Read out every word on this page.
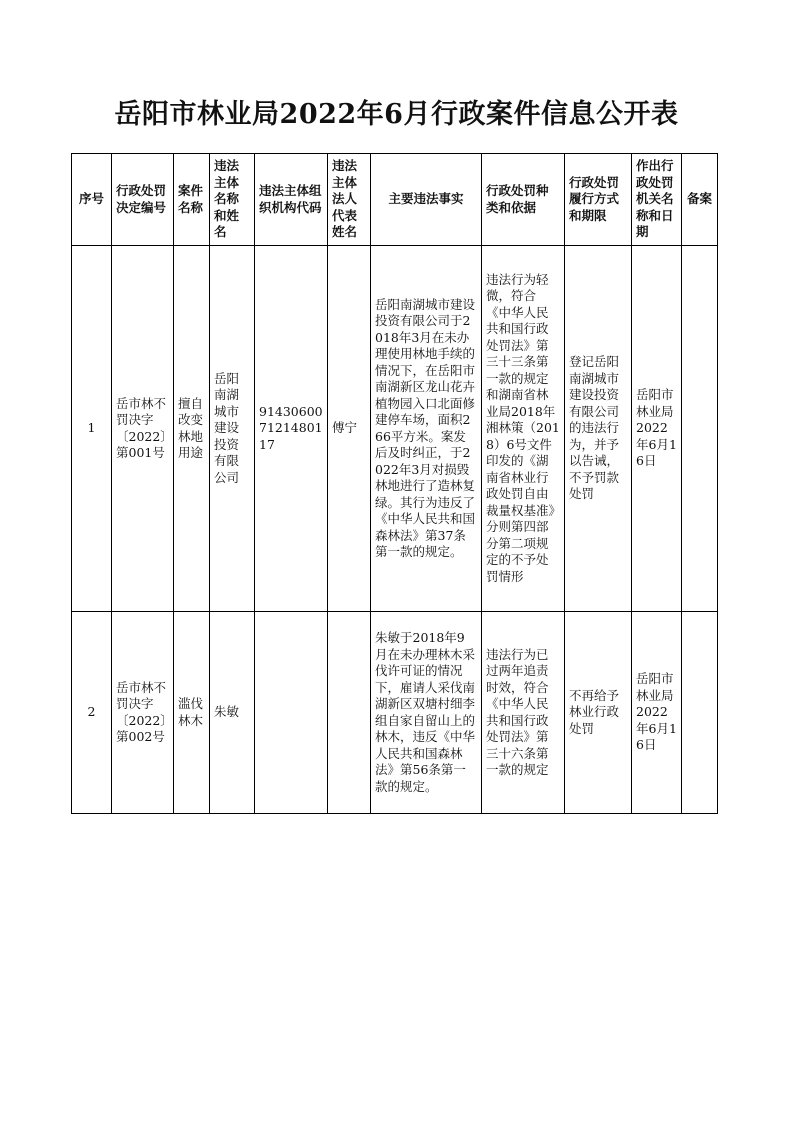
岳阳市林业局2022年6月行政案件信息公开表
序号	行政处罚决定编号	案件名称	违法主体名称和姓名	违法主体组织机构代码	违法主体法人代表姓名	主要违法事实	行政处罚种类和依据	行政处罚履行方式和期限	作出行政处罚机关名称和日期	备案
1	岳市林不罚决字〔2022〕第001号	擅自改变林地用途	岳阳南湖城市建设投资有限公司	914306007121480117	傅宁	岳阳南湖城市建设投资有限公司于2018年3月在未办理使用林地手续的情况下，在岳阳市南湖新区龙山花卉植物园入口北面修建停车场，面积266平方米。案发后及时纠正，于2022年3月对损毁林地进行了造林复绿。其行为违反了《中华人民共和国森林法》第37条第一款的规定。	违法行为轻微，符合《中华人民共和国行政处罚法》第三十三条第一款的规定和湖南省林业局2018年湘林策（2018）6号文件印发的《湖南省林业行政处罚自由裁量权基准》分则第四部分第二项规定的不予处罚情形	登记岳阳南湖城市建设投资有限公司的违法行为，并予以告诫，不予罚款处罚	岳阳市林业局2022年6月16日	
2	岳市林不罚决字〔2022〕第002号	滥伐林木	朱敏			朱敏于2018年9月在未办理林木采伐许可证的情况下，雇请人采伐南湖新区双塘村细李组自家自留山上的林木，违反《中华人民共和国森林法》第56条第一款的规定。	违法行为已过两年追责时效，符合《中华人民共和国行政处罚法》第三十六条第一款的规定	不再给予林业行政处罚	岳阳市林业局2022年6月16日	
